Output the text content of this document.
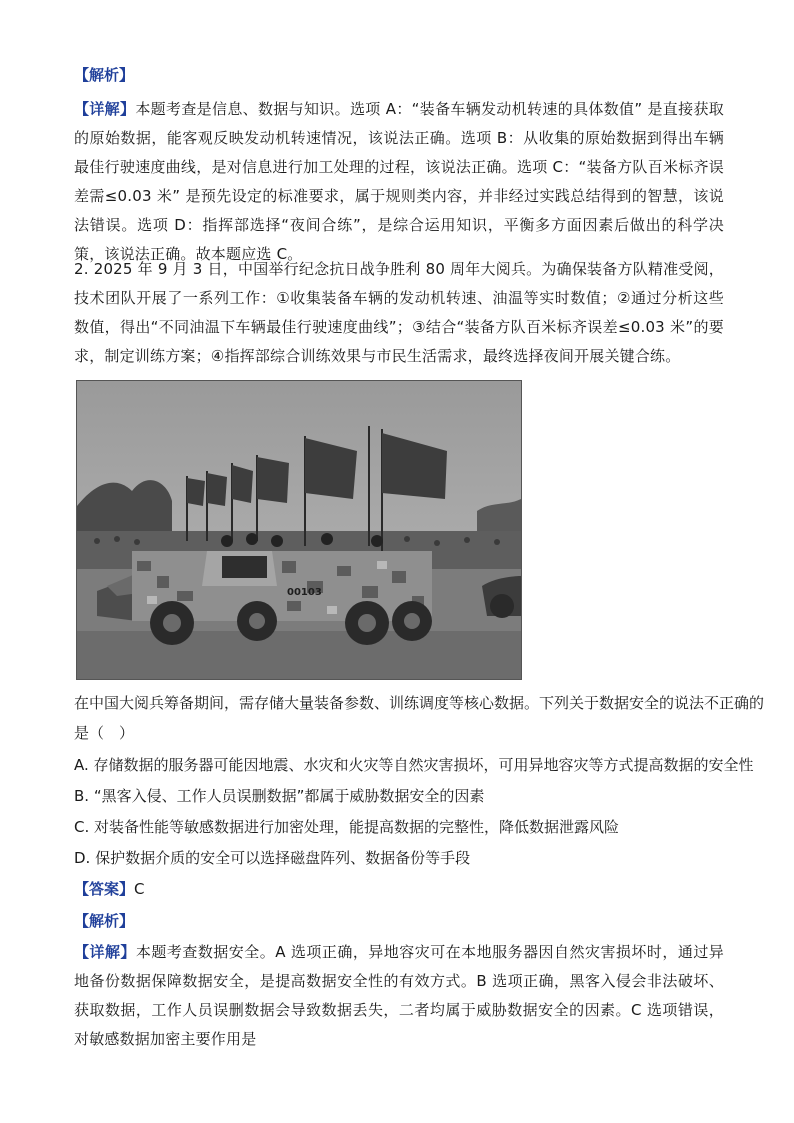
【解析】
【详解】本题考查是信息、数据与知识。选项 A：“装备车辆发动机转速的具体数值” 是直接获取的原始数据，能客观反映发动机转速情况，该说法正确。选项 B：从收集的原始数据到得出车辆最佳行驶速度曲线，是对信息进行加工处理的过程，该说法正确。选项 C：“装备方队百米标齐误差需≤0.03 米” 是预先设定的标准要求，属于规则类内容，并非经过实践总结得到的智慧，该说法错误。选项 D：指挥部选择“夜间合练”，是综合运用知识，平衡多方面因素后做出的科学决策，该说法正确。故本题应选 C。
2. 2025 年 9 月 3 日，中国举行纪念抗日战争胜利 80 周年大阅兵。为确保装备方队精准受阅，技术团队开展了一系列工作：①收集装备车辆的发动机转速、油温等实时数值；②通过分析这些数值，得出“不同油温下车辆最佳行驶速度曲线”；③结合“装备方队百米标齐误差≤0.03 米”的要求，制定训练方案；④指挥部综合训练效果与市民生活需求，最终选择夜间开展关键合练。
00103
在中国大阅兵筹备期间，需存储大量装备参数、训练调度等核心数据。下列关于数据安全的说法不正确的
是（　）
A. 存储数据的服务器可能因地震、水灾和火灾等自然灾害损坏，可用异地容灾等方式提高数据的安全性
B. “黑客入侵、工作人员误删数据”都属于威胁数据安全的因素
C. 对装备性能等敏感数据进行加密处理，能提高数据的完整性，降低数据泄露风险
D. 保护数据介质的安全可以选择磁盘阵列、数据备份等手段
【答案】C
【解析】
【详解】本题考查数据安全。A 选项正确，异地容灾可在本地服务器因自然灾害损坏时，通过异地备份数据保障数据安全，是提高数据安全性的有效方式。B 选项正确，黑客入侵会非法破坏、获取数据，工作人员误删数据会导致数据丢失，二者均属于威胁数据安全的因素。C 选项错误，对敏感数据加密主要作用是
